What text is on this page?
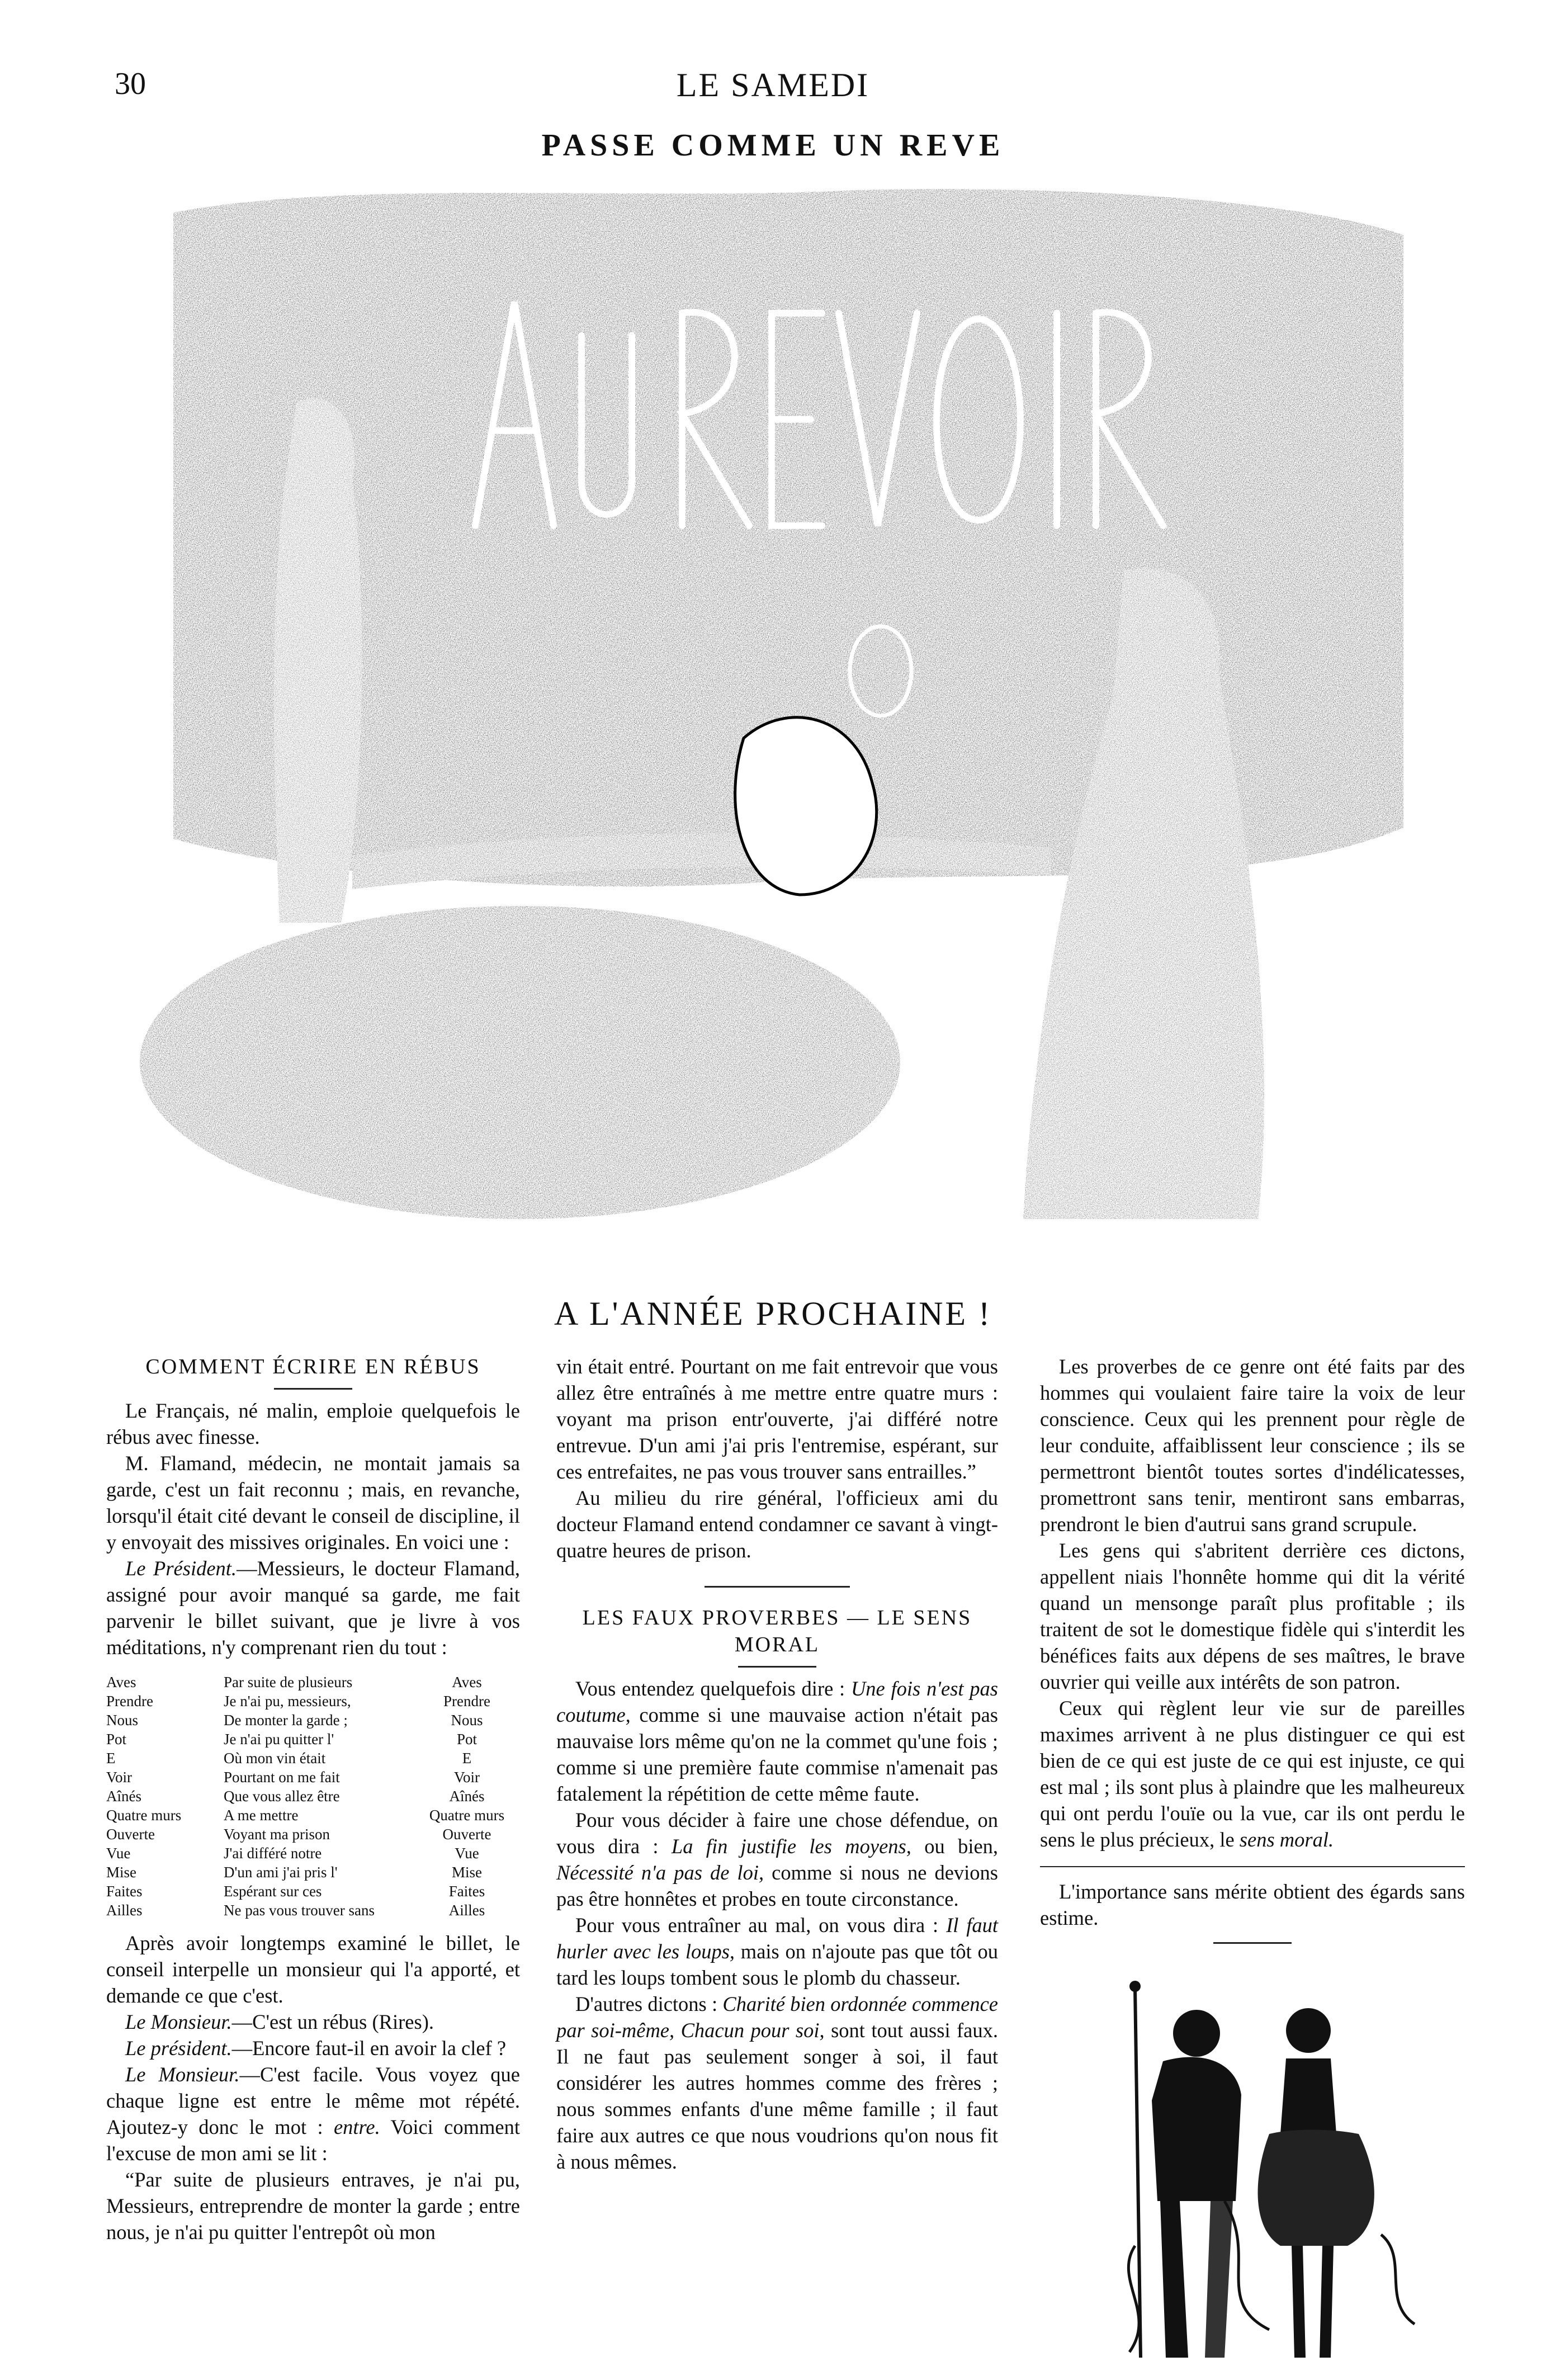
30	LE SAMEDI
PASSE COMME UN REVE
A L'ANNÉE PROCHAINE !
COMMENT ÉCRIRE EN RÉBUS

Le Français, né malin, emploie quelquefois le rébus avec finesse.

M. Flamand, médecin, ne montait jamais sa garde, c'est un fait reconnu ; mais, en revanche, lorsqu'il était cité devant le conseil de discipline, il y envoyait des missives originales. En voici une :

Le Président.—Messieurs, le docteur Flamand, assigné pour avoir manqué sa garde, me fait parvenir le billet suivant, que je livre à vos méditations, n'y comprenant rien du tout :

Aves	Par suite de plusieurs	Aves
Prendre	Je n'ai pu, messieurs,	Prendre
Nous	De monter la garde ;	Nous
Pot	Je n'ai pu quitter l'	Pot
E	Où mon vin était	E
Voir	Pourtant on me fait	Voir
Aînés	Que vous allez être	Aînés
Quatre murs	A me mettre	Quatre murs
Ouverte	Voyant ma prison	Ouverte
Vue	J'ai différé notre	Vue
Mise	D'un ami j'ai pris l'	Mise
Faites	Espérant sur ces	Faites
Ailles	Ne pas vous trouver sans	Ailles

Après avoir longtemps examiné le billet, le conseil interpelle un monsieur qui l'a apporté, et demande ce que c'est.

Le Monsieur.—C'est un rébus (Rires).

Le président.—Encore faut-il en avoir la clef ?

Le Monsieur.—C'est facile. Vous voyez que chaque ligne est entre le même mot répété. Ajoutez-y donc le mot : entre. Voici comment l'excuse de mon ami se lit :

“Par suite de plusieurs entraves, je n'ai pu, Messieurs, entreprendre de monter la garde ; entre nous, je n'ai pu quitter l'entrepôt où mon

vin était entré. Pourtant on me fait entrevoir que vous allez être entraînés à me mettre entre quatre murs : voyant ma prison entr'ouverte, j'ai différé notre entrevue. D'un ami j'ai pris l'entremise, espérant, sur ces entrefaites, ne pas vous trouver sans entrailles.”

Au milieu du rire général, l'officieux ami du docteur Flamand entend condamner ce savant à vingt-quatre heures de prison.

LES FAUX PROVERBES — LE SENS MORAL

Vous entendez quelquefois dire : Une fois n'est pas coutume, comme si une mauvaise action n'était pas mauvaise lors même qu'on ne la commet qu'une fois ; comme si une première faute commise n'amenait pas fatalement la répétition de cette même faute.

Pour vous décider à faire une chose défendue, on vous dira : La fin justifie les moyens, ou bien, Nécessité n'a pas de loi, comme si nous ne devions pas être honnêtes et probes en toute circonstance.

Pour vous entraîner au mal, on vous dira : Il faut hurler avec les loups, mais on n'ajoute pas que tôt ou tard les loups tombent sous le plomb du chasseur.

D'autres dictons : Charité bien ordonnée commence par soi-même, Chacun pour soi, sont tout aussi faux. Il ne faut pas seulement songer à soi, il faut considérer les autres hommes comme des frères ; nous sommes enfants d'une même famille ; il faut faire aux autres ce que nous voudrions qu'on nous fit à nous mêmes.

Les proverbes de ce genre ont été faits par des hommes qui voulaient faire taire la voix de leur conscience. Ceux qui les prennent pour règle de leur conduite, affaiblissent leur conscience ; ils se permettront bientôt toutes sortes d'indélicatesses, promettront sans tenir, mentiront sans embarras, prendront le bien d'autrui sans grand scrupule.

Les gens qui s'abritent derrière ces dictons, appellent niais l'honnête homme qui dit la vérité quand un mensonge paraît plus profitable ; ils traitent de sot le domestique fidèle qui s'interdit les bénéfices faits aux dépens de ses maîtres, le brave ouvrier qui veille aux intérêts de son patron.

Ceux qui règlent leur vie sur de pareilles maximes arrivent à ne plus distinguer ce qui est bien de ce qui est juste de ce qui est injuste, ce qui est mal ; ils sont plus à plaindre que les malheureux qui ont perdu l'ouïe ou la vue, car ils ont perdu le sens le plus précieux, le sens moral.

L'importance sans mérite obtient des égards sans estime.
